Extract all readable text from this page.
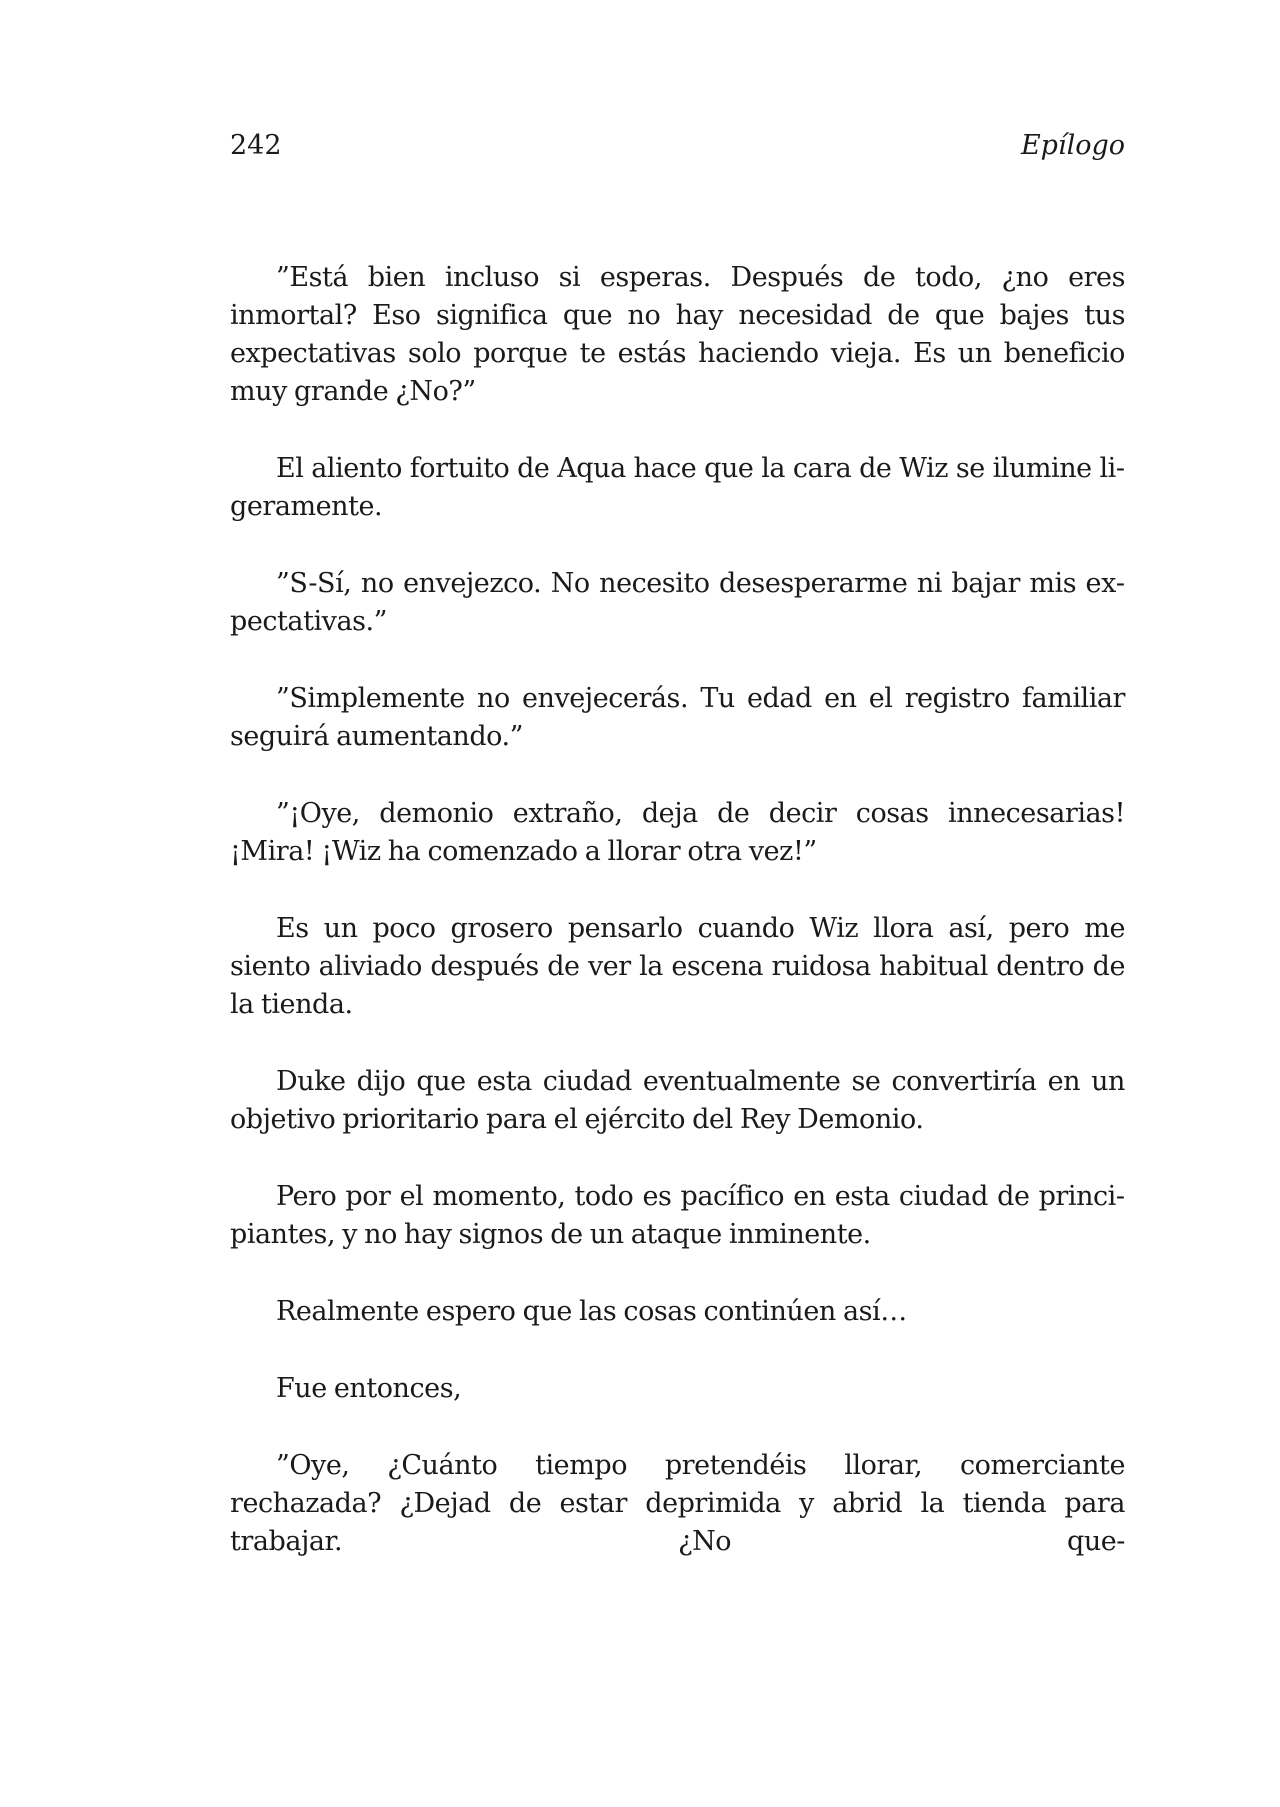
242	Epílogo

”Está bien incluso si esperas. Después de todo, ¿no eres inmortal? Eso significa que no hay necesidad de que bajes tus expectativas solo porque te estás haciendo vieja. Es un beneficio muy grande ¿No?”

El aliento fortuito de Aqua hace que la cara de Wiz se ilumine ligeramente.

”S-Sí, no envejezco. No necesito desesperarme ni bajar mis expectativas.”

”Simplemente no envejecerás. Tu edad en el registro familiar seguirá aumentando.”

”¡Oye, demonio extraño, deja de decir cosas innecesarias! ¡Mira! ¡Wiz ha comenzado a llorar otra vez!”

Es un poco grosero pensarlo cuando Wiz llora así, pero me siento aliviado después de ver la escena ruidosa habitual dentro de la tienda.

Duke dijo que esta ciudad eventualmente se convertiría en un objetivo prioritario para el ejército del Rey Demonio.

Pero por el momento, todo es pacífico en esta ciudad de principiantes, y no hay signos de un ataque inminente.

Realmente espero que las cosas continúen así…

Fue entonces,

”Oye, ¿Cuánto tiempo pretendéis llorar, comerciante rechazada? ¿Dejad de estar deprimida y abrid la tienda para trabajar. ¿No que-
